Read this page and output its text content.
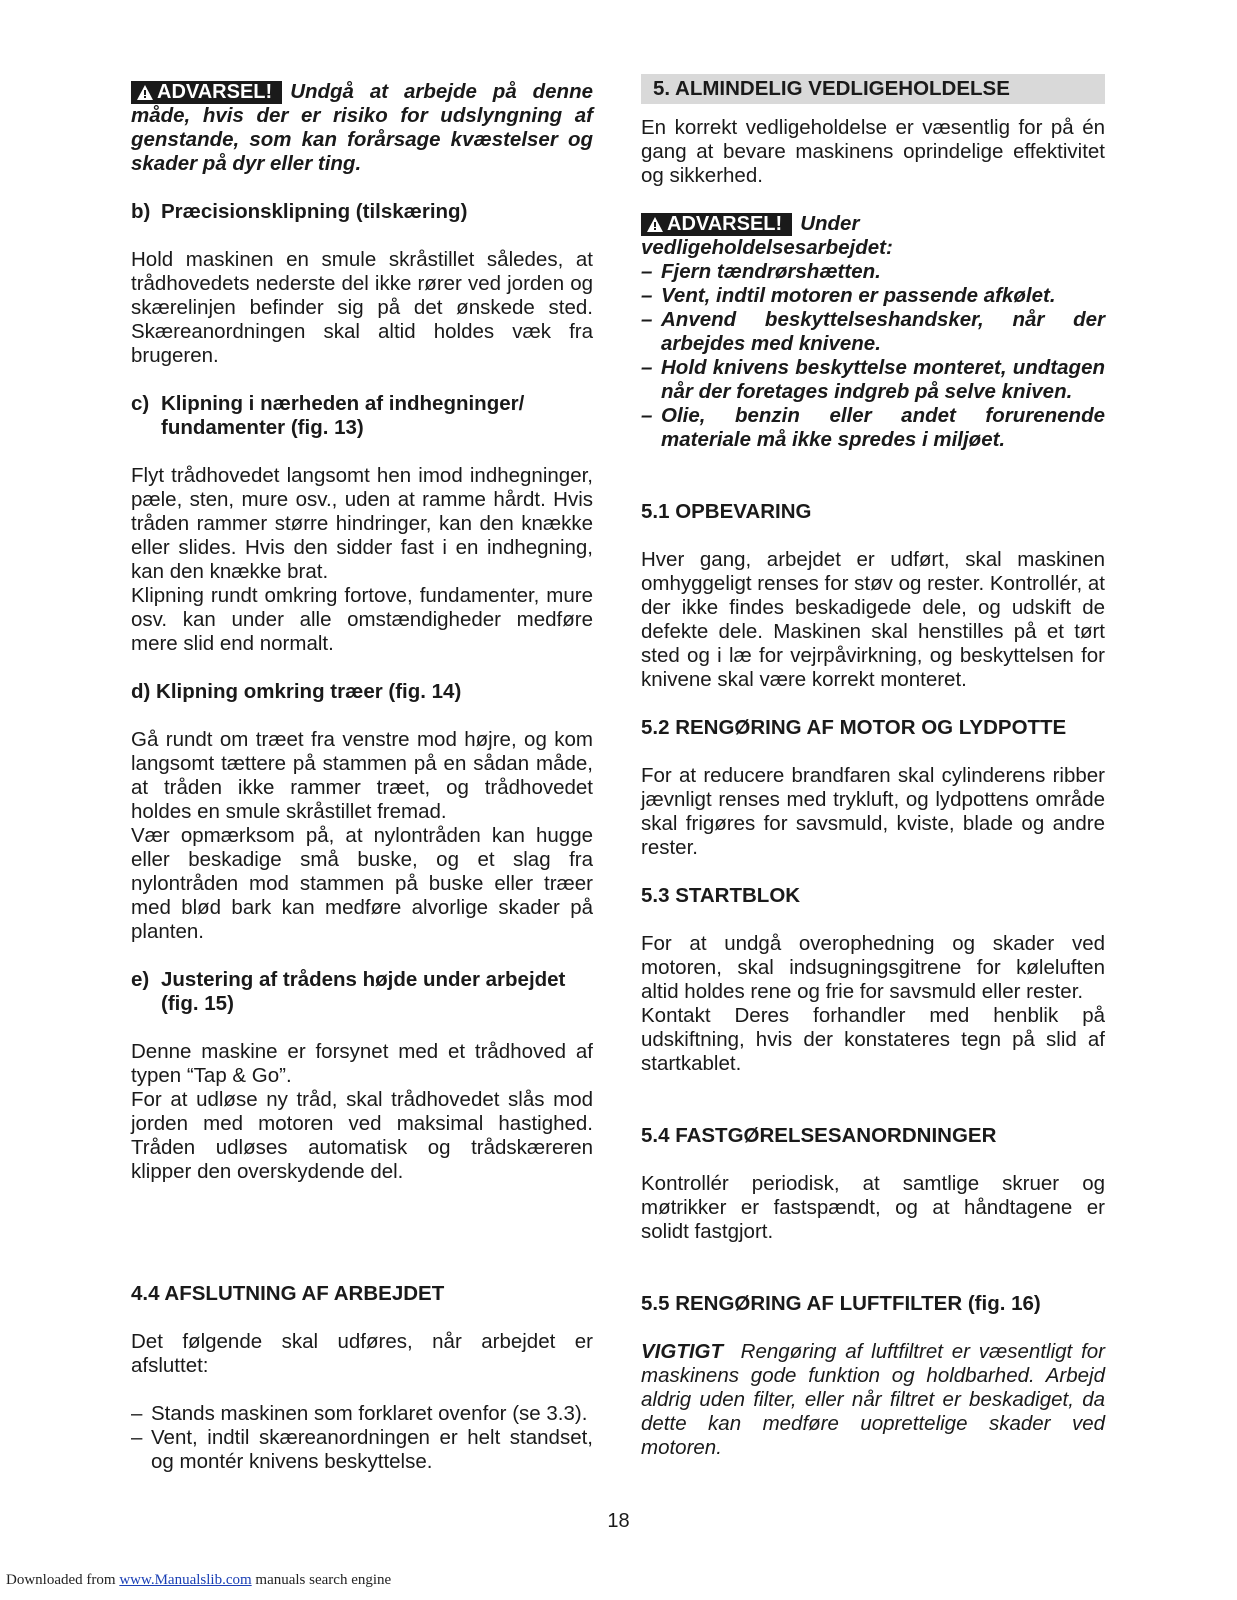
ADVARSEL! Undgå at arbejde på denne måde, hvis der er risiko for udslyngning af genstande, som kan forårsage kvæstelser og skader på dyr eller ting.

b) Præcisionsklipning (tilskæring)

Hold maskinen en smule skråstillet således, at trådhovedets nederste del ikke rører ved jorden og skærelinjen befinder sig på det ønskede sted. Skæreanordningen skal altid holdes væk fra brugeren.

c) Klipning i nærheden af indhegninger/ fundamenter (fig. 13)

Flyt trådhovedet langsomt hen imod indhegninger, pæle, sten, mure osv., uden at ramme hårdt. Hvis tråden rammer større hindringer, kan den knække eller slides. Hvis den sidder fast i en indhegning, kan den knække brat.

Klipning rundt omkring fortove, fundamenter, mure osv. kan under alle omstændigheder medføre mere slid end normalt.

d) Klipning omkring træer (fig. 14)

Gå rundt om træet fra venstre mod højre, og kom langsomt tættere på stammen på en sådan måde, at tråden ikke rammer træet, og trådhovedet holdes en smule skråstillet fremad.

Vær opmærksom på, at nylontråden kan hugge eller beskadige små buske, og et slag fra nylontråden mod stammen på buske eller træer med blød bark kan medføre alvorlige skader på planten.

e) Justering af trådens højde under arbejdet (fig. 15)

Denne maskine er forsynet med et trådhoved af typen “Tap & Go”.

For at udløse ny tråd, skal trådhovedet slås mod jorden med motoren ved maksimal hastighed. Tråden udløses automatisk og trådskæreren klipper den overskydende del.

4.4 AFSLUTNING AF ARBEJDET

Det følgende skal udføres, når arbejdet er afsluttet:

– Stands maskinen som forklaret ovenfor (se 3.3).
– Vent, indtil skæreanordningen er helt standset, og montér knivens beskyttelse.
5. ALMINDELIG VEDLIGEHOLDELSE

En korrekt vedligeholdelse er væsentlig for på én gang at bevare maskinens oprindelige effektivitet og sikkerhed.

ADVARSEL! Under vedligeholdelsesarbejdet:

– Fjern tændrørshætten.
– Vent, indtil motoren er passende afkølet.
– Anvend beskyttelseshandsker, når der arbejdes med knivene.
– Hold knivens beskyttelse monteret, undtagen når der foretages indgreb på selve kniven.
– Olie, benzin eller andet forurenende materiale må ikke spredes i miljøet.
5.1 OPBEVARING

Hver gang, arbejdet er udført, skal maskinen omhyggeligt renses for støv og rester. Kontrollér, at der ikke findes beskadigede dele, og udskift de defekte dele. Maskinen skal henstilles på et tørt sted og i læ for vejrpåvirkning, og beskyttelsen for knivene skal være korrekt monteret.

5.2 RENGØRING AF MOTOR OG LYDPOTTE

For at reducere brandfaren skal cylinderens ribber jævnligt renses med trykluft, og lydpottens område skal frigøres for savsmuld, kviste, blade og andre rester.

5.3 STARTBLOK

For at undgå overophedning og skader ved motoren, skal indsugningsgitrene for køleluften altid holdes rene og frie for savsmuld eller rester.

Kontakt Deres forhandler med henblik på udskiftning, hvis der konstateres tegn på slid af startkablet.

5.4 FASTGØRELSESANORDNINGER

Kontrollér periodisk, at samtlige skruer og møtrikker er fastspændt, og at håndtagene er solidt fastgjort.

5.5 RENGØRING AF LUFTFILTER (fig. 16)

VIGTIGT Rengøring af luftfiltret er væsentligt for maskinens gode funktion og holdbarhed. Arbejd aldrig uden filter, eller når filtret er beskadiget, da dette kan medføre uoprettelige skader ved motoren.

18
Downloaded from www.Manualslib.com manuals search engine
